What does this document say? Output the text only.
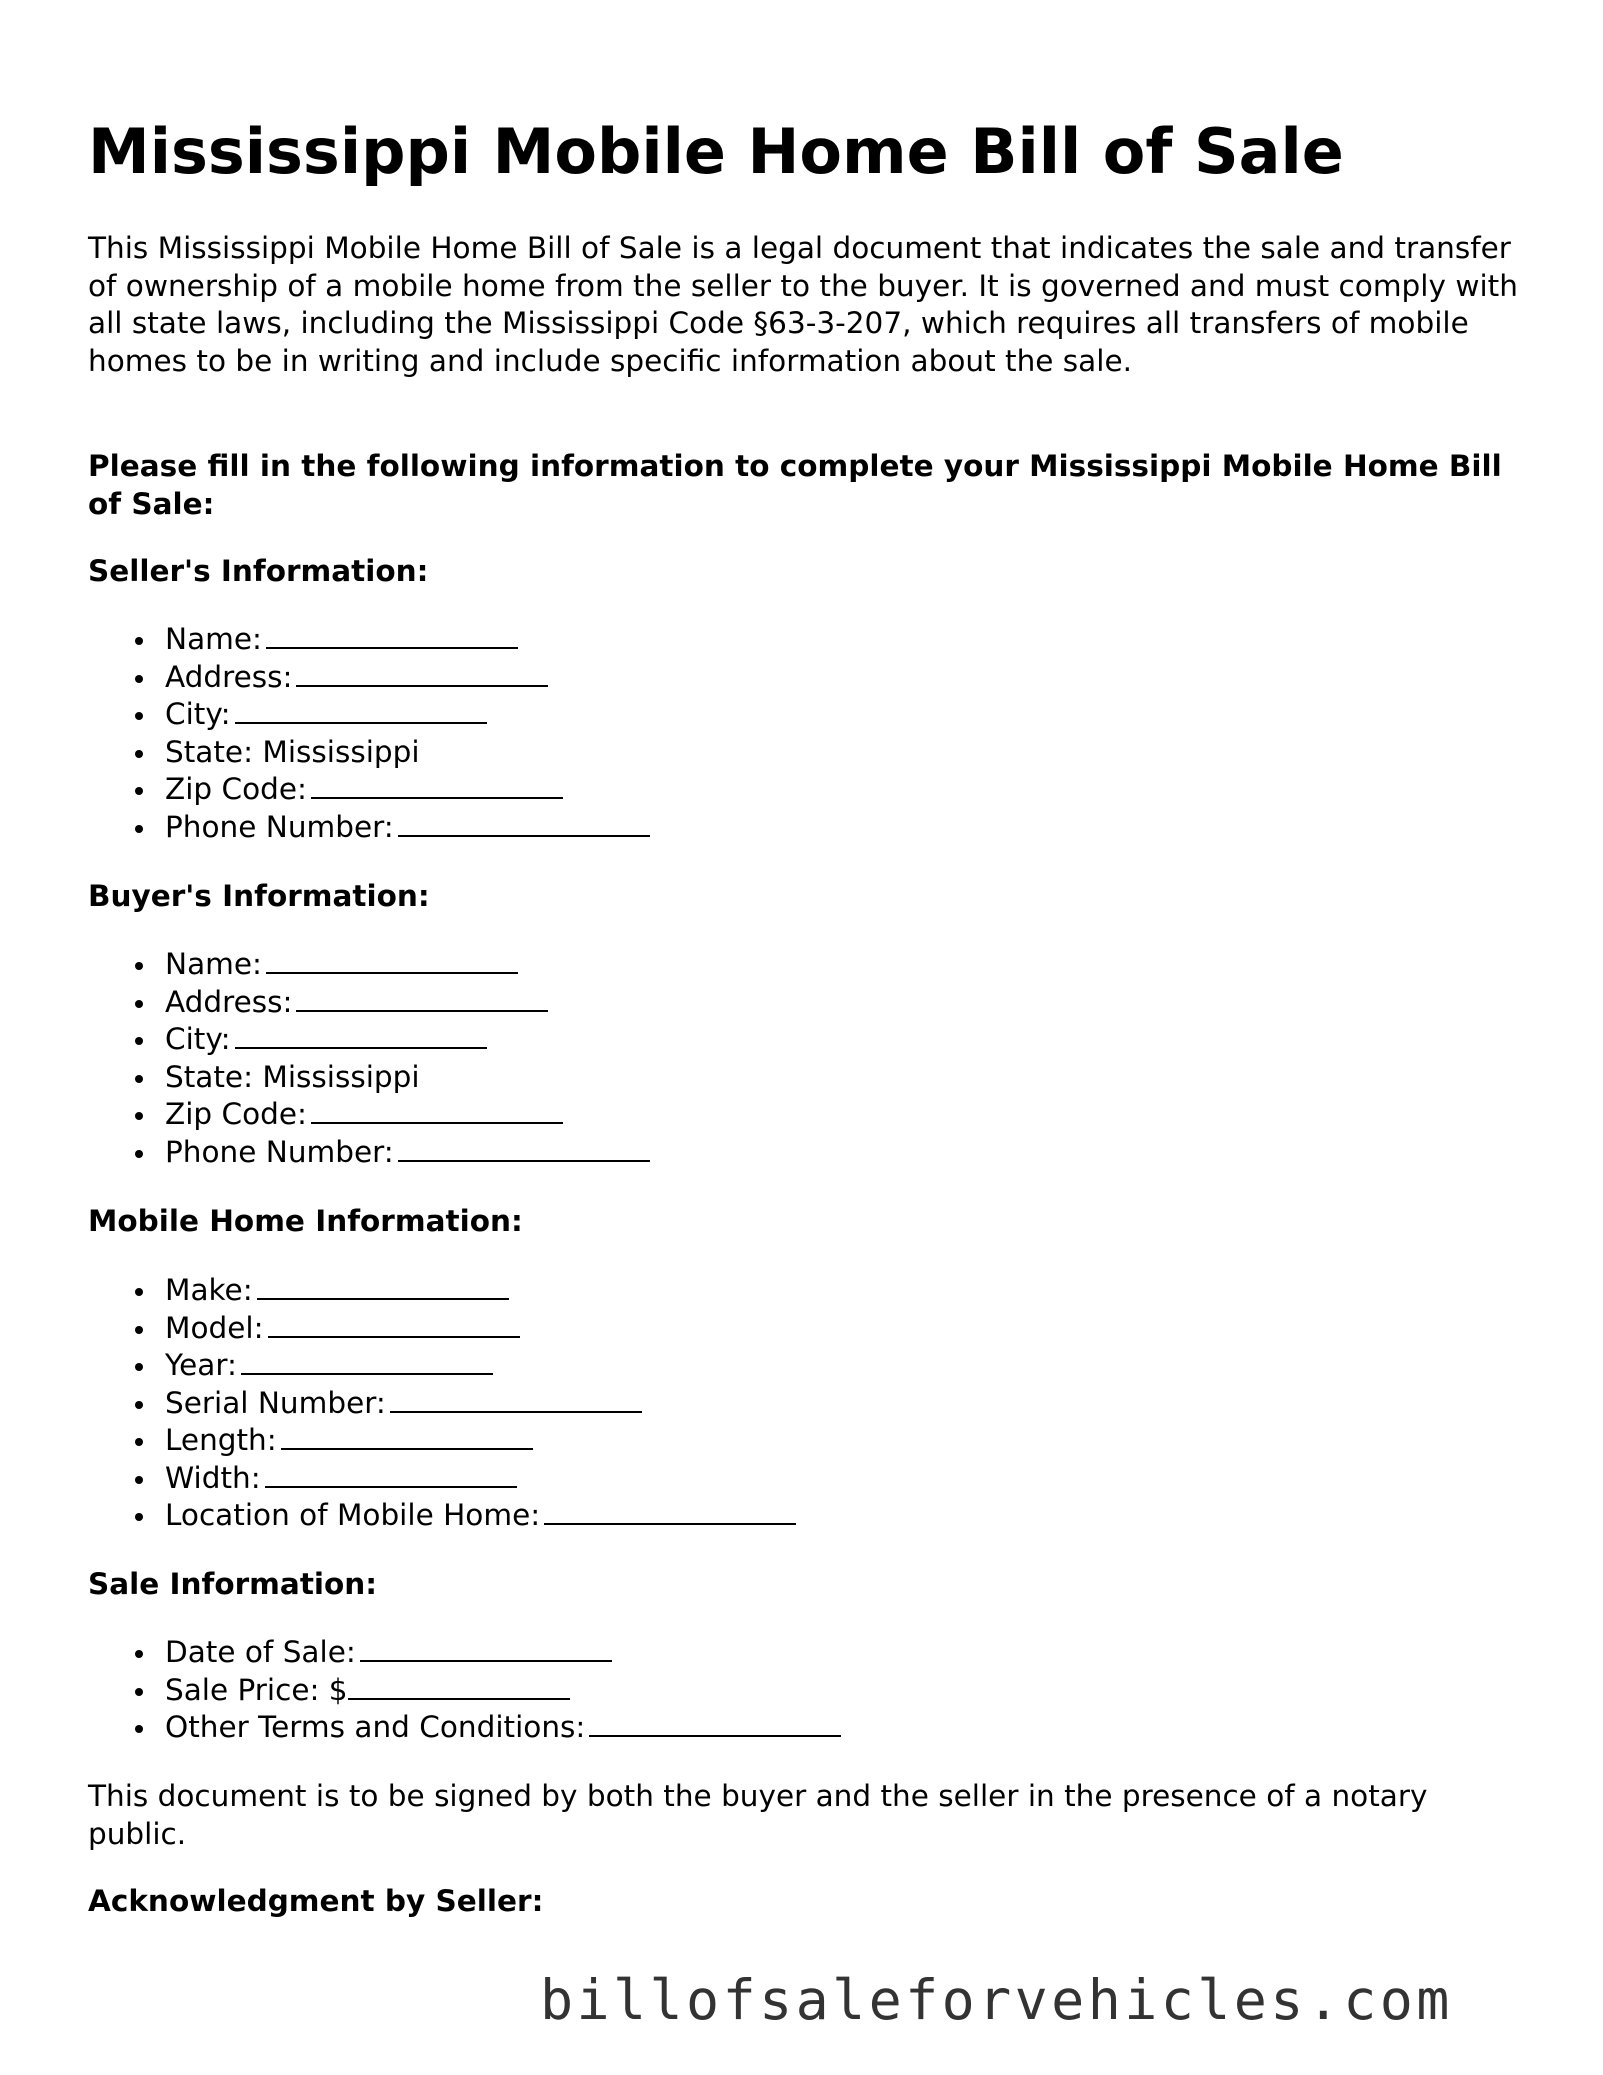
Mississippi Mobile Home Bill of Sale

This Mississippi Mobile Home Bill of Sale is a legal document that indicates the sale and transfer of ownership of a mobile home from the seller to the buyer. It is governed and must comply with all state laws, including the Mississippi Code §63-3-207, which requires all transfers of mobile homes to be in writing and include specific information about the sale.

Please fill in the following information to complete your Mississippi Mobile Home Bill of Sale:

Seller's Information:

Name:
Address:
City:
State: Mississippi
Zip Code:
Phone Number:

Buyer's Information:

Name:
Address:
City:
State: Mississippi
Zip Code:
Phone Number:

Mobile Home Information:

Make:
Model:
Year:
Serial Number:
Length:
Width:
Location of Mobile Home:

Sale Information:

Date of Sale:
Sale Price: $
Other Terms and Conditions:

This document is to be signed by both the buyer and the seller in the presence of a notary public.

Acknowledgment by Seller:

billofsaleforvehicles.com
